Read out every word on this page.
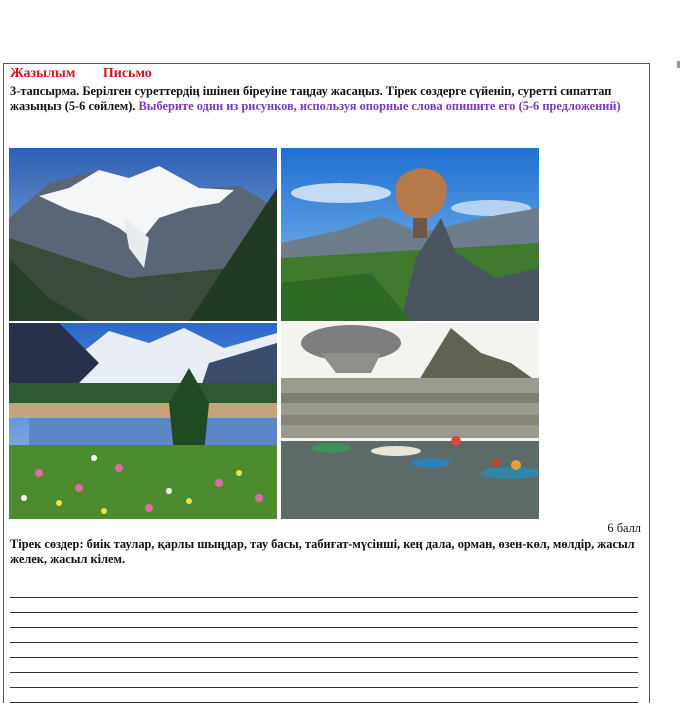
Жазылым Письмо
3-тапсырма. Берілген суреттердің ішінен біреуіне таңдау жасаңыз. Тірек сөздерге сүйеніп, суретті сипаттап жазыңыз (5-6 сөйлем). Выберите один из рисунков, используя опорные слова опишите его (5-6 предложений)
6 балл
Тірек сөздер: биік таулар, қарлы шыңдар, тау басы, табиғат-мүсінші, кең дала, орман, өзен-көл, мөлдір, жасыл желек, жасыл кілем.
